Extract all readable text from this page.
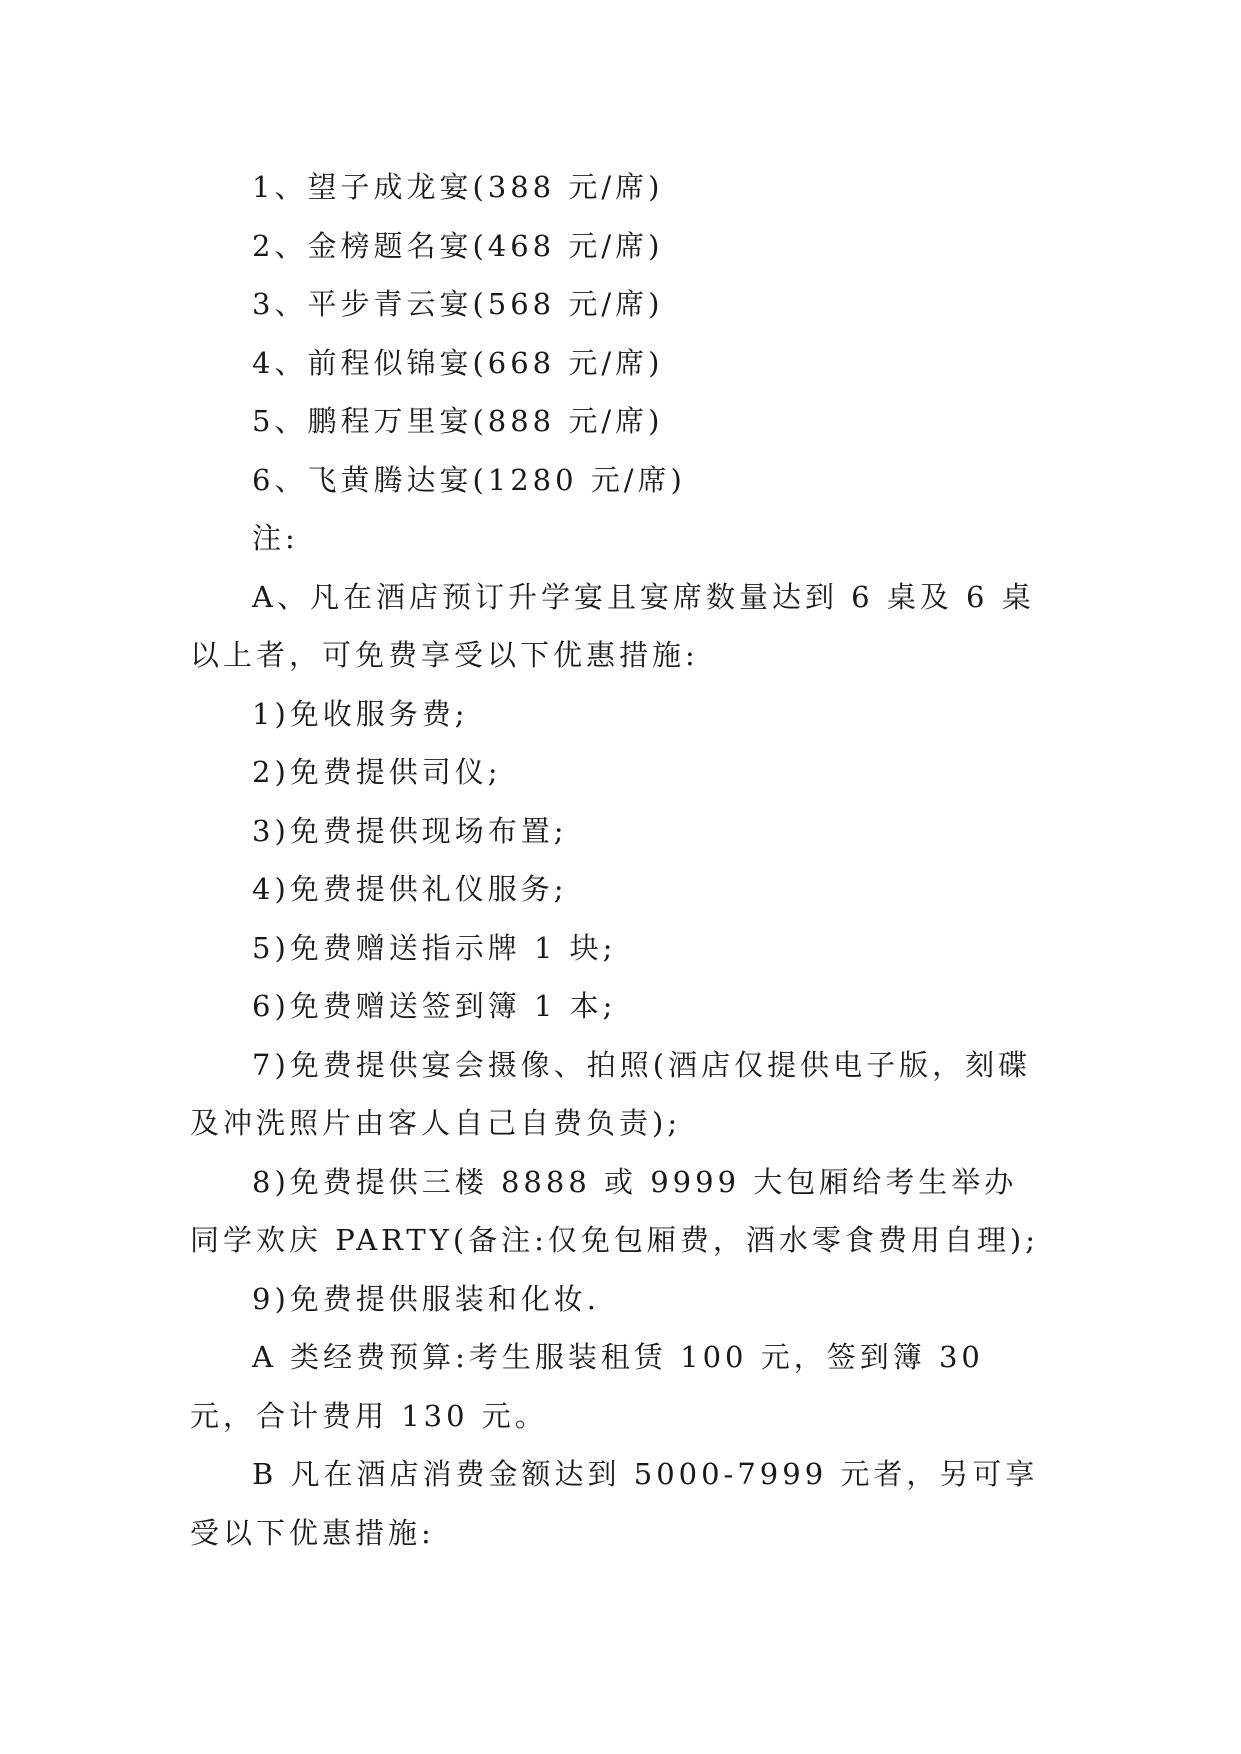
1、望子成龙宴(388 元/席)

2、金榜题名宴(468 元/席)

3、平步青云宴(568 元/席)

4、前程似锦宴(668 元/席)

5、鹏程万里宴(888 元/席)

6、飞黄腾达宴(1280 元/席)

注:

A、凡在酒店预订升学宴且宴席数量达到 6 桌及 6 桌以上者，可免费享受以下优惠措施:

1)免收服务费;

2)免费提供司仪;

3)免费提供现场布置;

4)免费提供礼仪服务;

5)免费赠送指示牌 1 块;

6)免费赠送签到簿 1 本;

7)免费提供宴会摄像、拍照(酒店仅提供电子版，刻碟及冲洗照片由客人自己自费负责);

8)免费提供三楼 8888 或 9999 大包厢给考生举办同学欢庆 PARTY(备注:仅免包厢费，酒水零食费用自理);

9)免费提供服装和化妆.

A 类经费预算:考生服装租赁 100 元，签到簿 30 元，合计费用 130 元。

B 凡在酒店消费金额达到 5000-7999 元者，另可享受以下优惠措施:
